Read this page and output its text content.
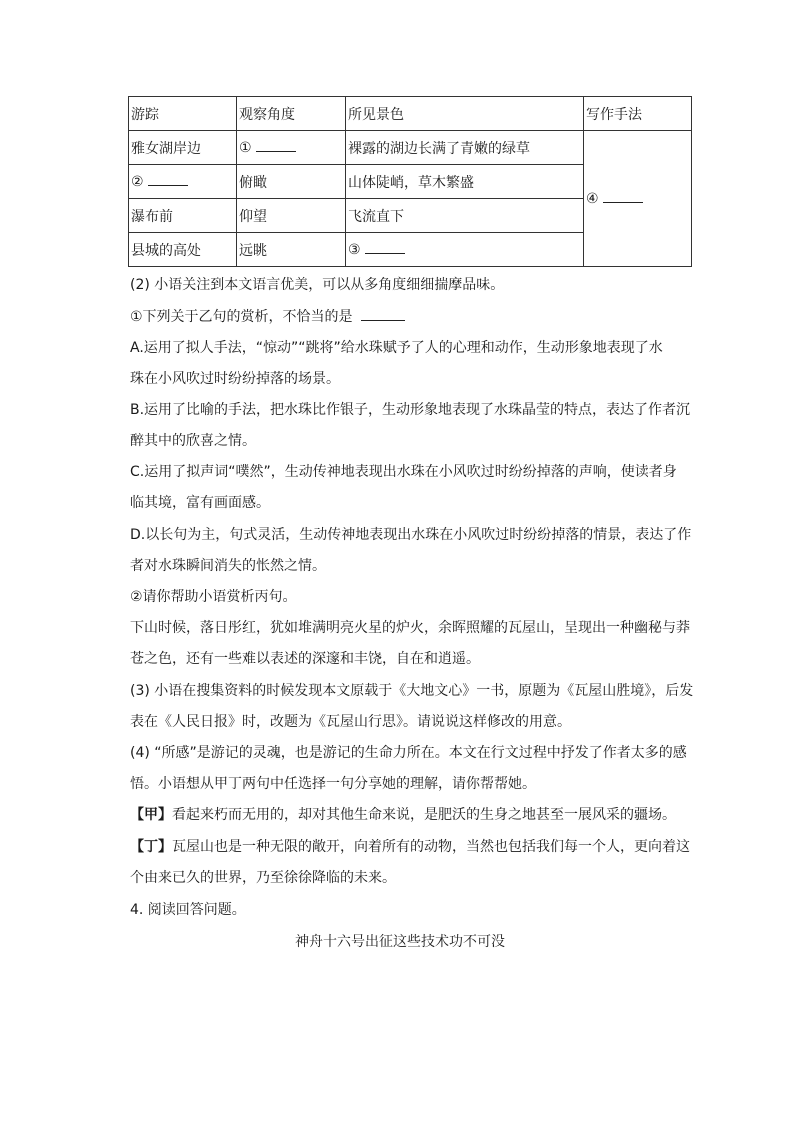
游踪	观察角度	所见景色	写作手法
雅女湖岸边	①	裸露的湖边长满了青嫩的绿草	④
②	俯瞰	山体陡峭，草木繁盛	
瀑布前	仰望	飞流直下	
县城的高处	远眺	③	
(2) 小语关注到本文语言优美，可以从多角度细细揣摩品味。
①下列关于乙句的赏析，不恰当的是
A.运用了拟人手法，“惊动”“跳将”给水珠赋予了人的心理和动作，生动形象地表现了水
珠在小风吹过时纷纷掉落的场景。
B.运用了比喻的手法，把水珠比作银子，生动形象地表现了水珠晶莹的特点，表达了作者沉
醉其中的欣喜之情。
C.运用了拟声词“噗然”，生动传神地表现出水珠在小风吹过时纷纷掉落的声响，使读者身
临其境，富有画面感。
D.以长句为主，句式灵活，生动传神地表现出水珠在小风吹过时纷纷掉落的情景，表达了作
者对水珠瞬间消失的怅然之情。
②请你帮助小语赏析丙句。
下山时候，落日彤红，犹如堆满明亮火星的炉火，余晖照耀的瓦屋山，呈现出一种幽秘与莽
苍之色，还有一些难以表述的深邃和丰饶，自在和逍遥。
(3) 小语在搜集资料的时候发现本文原载于《大地文心》一书，原题为《瓦屋山胜境》，后发
表在《人民日报》时，改题为《瓦屋山行思》。请说说这样修改的用意。
(4) “所感”是游记的灵魂，也是游记的生命力所在。本文在行文过程中抒发了作者太多的感
悟。小语想从甲丁两句中任选择一句分享她的理解，请你帮帮她。
【甲】看起来朽而无用的，却对其他生命来说，是肥沃的生身之地甚至一展风采的疆场。
【丁】瓦屋山也是一种无限的敞开，向着所有的动物，当然也包括我们每一个人，更向着这
个由来已久的世界，乃至徐徐降临的未来。
4. 阅读回答问题。
神舟十六号出征这些技术功不可没
